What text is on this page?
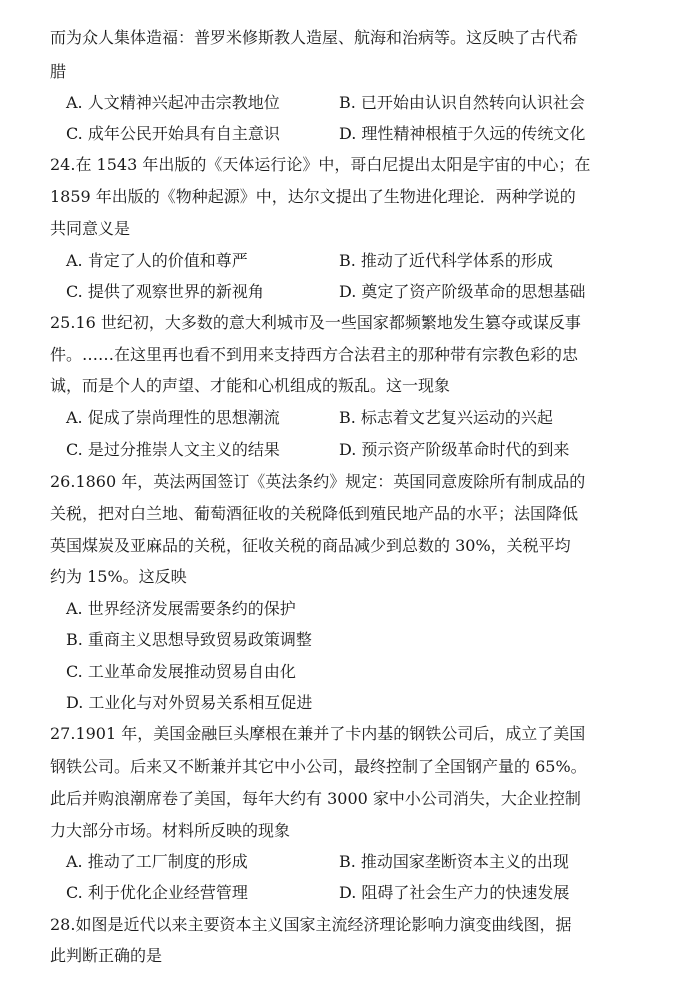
而为众人集体造福：普罗米修斯教人造屋、航海和治病等。这反映了古代希
腊
A. 人文精神兴起冲击宗教地位	B. 已开始由认识自然转向认识社会
C. 成年公民开始具有自主意识	D. 理性精神根植于久远的传统文化
24.在 1543 年出版的《天体运行论》中，哥白尼提出太阳是宇宙的中心；在
1859 年出版的《物种起源》中，达尔文提出了生物进化理论．两种学说的
共同意义是
A. 肯定了人的价值和尊严	B. 推动了近代科学体系的形成
C. 提供了观察世界的新视角	D. 奠定了资产阶级革命的思想基础
25.16 世纪初，大多数的意大利城市及一些国家都频繁地发生篡夺或谋反事
件。……在这里再也看不到用来支持西方合法君主的那种带有宗教色彩的忠
诚，而是个人的声望、才能和心机组成的叛乱。这一现象
A. 促成了崇尚理性的思想潮流	B. 标志着文艺复兴运动的兴起
C. 是过分推崇人文主义的结果	D. 预示资产阶级革命时代的到来
26.1860 年，英法两国签订《英法条约》规定：英国同意废除所有制成品的
关税，把对白兰地、葡萄酒征收的关税降低到殖民地产品的水平；法国降低
英国煤炭及亚麻品的关税，征收关税的商品减少到总数的 30%，关税平均
约为 15%。这反映
A. 世界经济发展需要条约的保护
B. 重商主义思想导致贸易政策调整
C. 工业革命发展推动贸易自由化
D. 工业化与对外贸易关系相互促进
27.1901 年，美国金融巨头摩根在兼并了卡内基的钢铁公司后，成立了美国
钢铁公司。后来又不断兼并其它中小公司，最终控制了全国钢产量的 65%。
此后并购浪潮席卷了美国，每年大约有 3000 家中小公司消失，大企业控制
力大部分市场。材料所反映的现象
A. 推动了工厂制度的形成	B. 推动国家垄断资本主义的出现
C. 利于优化企业经营管理	D. 阻碍了社会生产力的快速发展
28.如图是近代以来主要资本主义国家主流经济理论影响力演变曲线图，据
此判断正确的是
